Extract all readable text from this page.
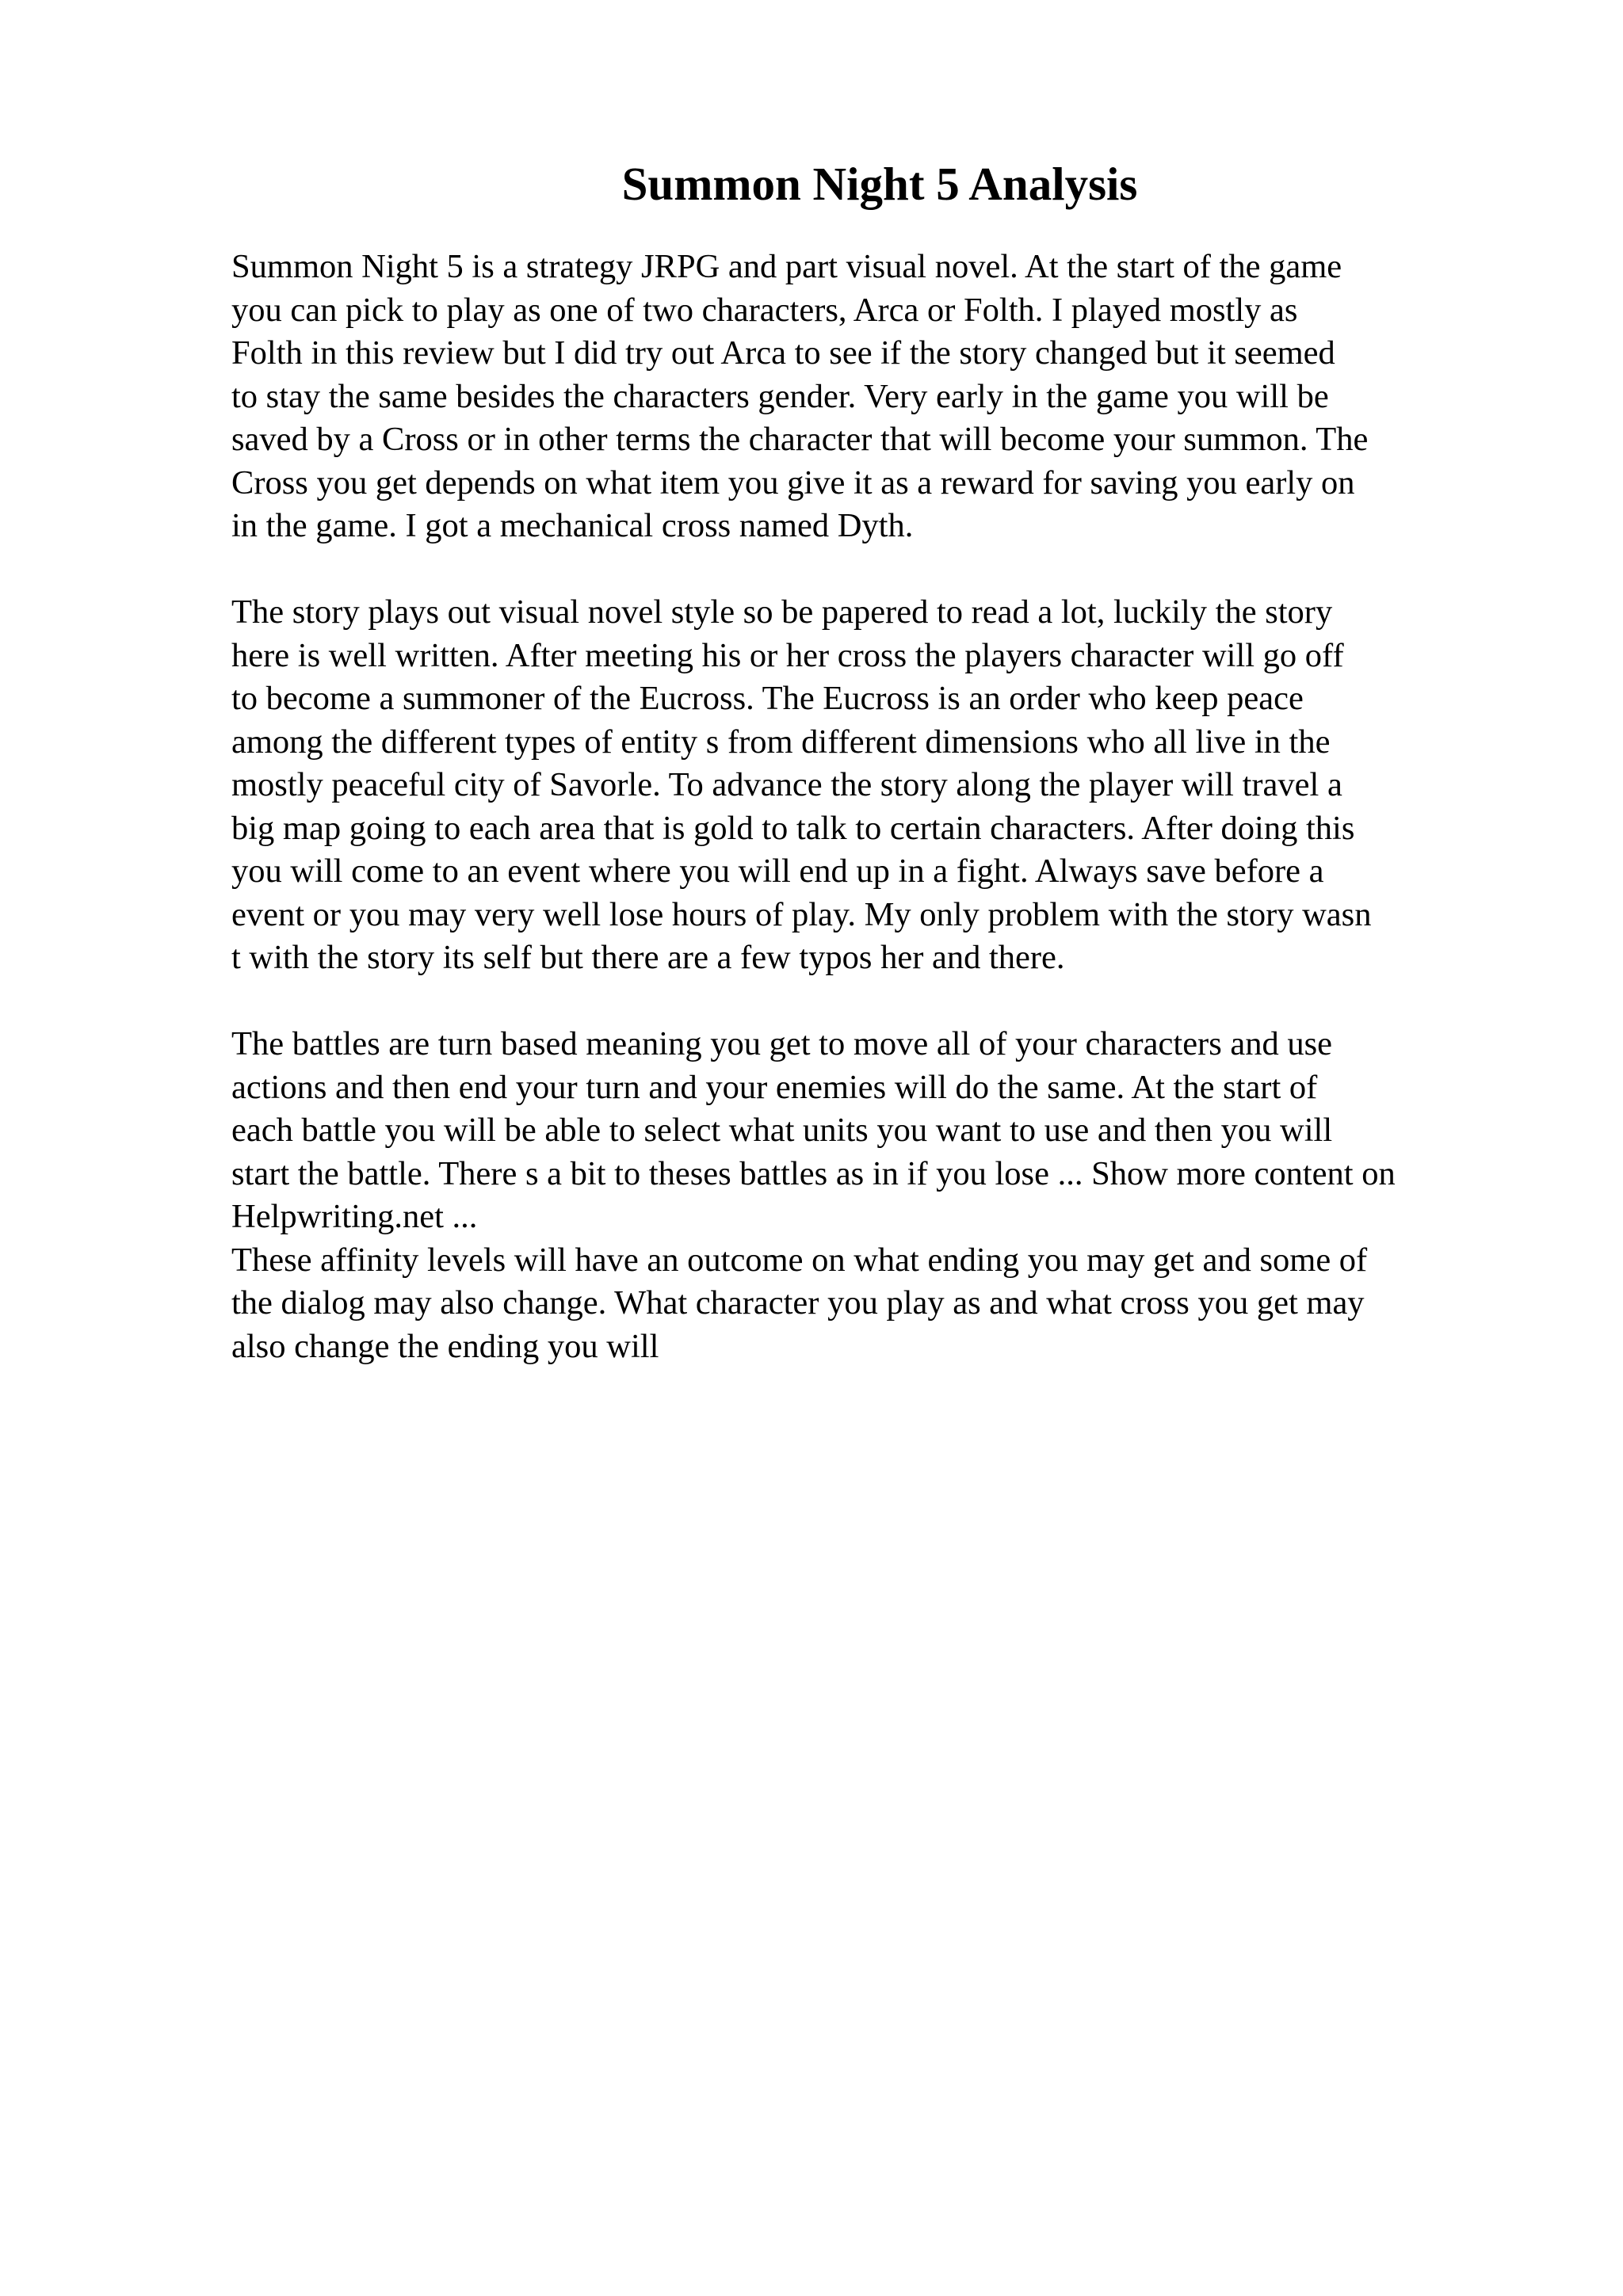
Summon Night 5 Analysis
Summon Night 5 is a strategy JRPG and part visual novel. At the start of the game
you can pick to play as one of two characters, Arca or Folth. I played mostly as
Folth in this review but I did try out Arca to see if the story changed but it seemed
to stay the same besides the characters gender. Very early in the game you will be
saved by a Cross or in other terms the character that will become your summon. The
Cross you get depends on what item you give it as a reward for saving you early on
in the game. I got a mechanical cross named Dyth.
The story plays out visual novel style so be papered to read a lot, luckily the story
here is well written. After meeting his or her cross the players character will go off
to become a summoner of the Eucross. The Eucross is an order who keep peace
among the different types of entity s from different dimensions who all live in the
mostly peaceful city of Savorle. To advance the story along the player will travel a
big map going to each area that is gold to talk to certain characters. After doing this
you will come to an event where you will end up in a fight. Always save before a
event or you may very well lose hours of play. My only problem with the story wasn
t with the story its self but there are a few typos her and there.
The battles are turn based meaning you get to move all of your characters and use
actions and then end your turn and your enemies will do the same. At the start of
each battle you will be able to select what units you want to use and then you will
start the battle. There s a bit to theses battles as in if you lose ... Show more content on
Helpwriting.net ...
These affinity levels will have an outcome on what ending you may get and some of
the dialog may also change. What character you play as and what cross you get may
also change the ending you will
